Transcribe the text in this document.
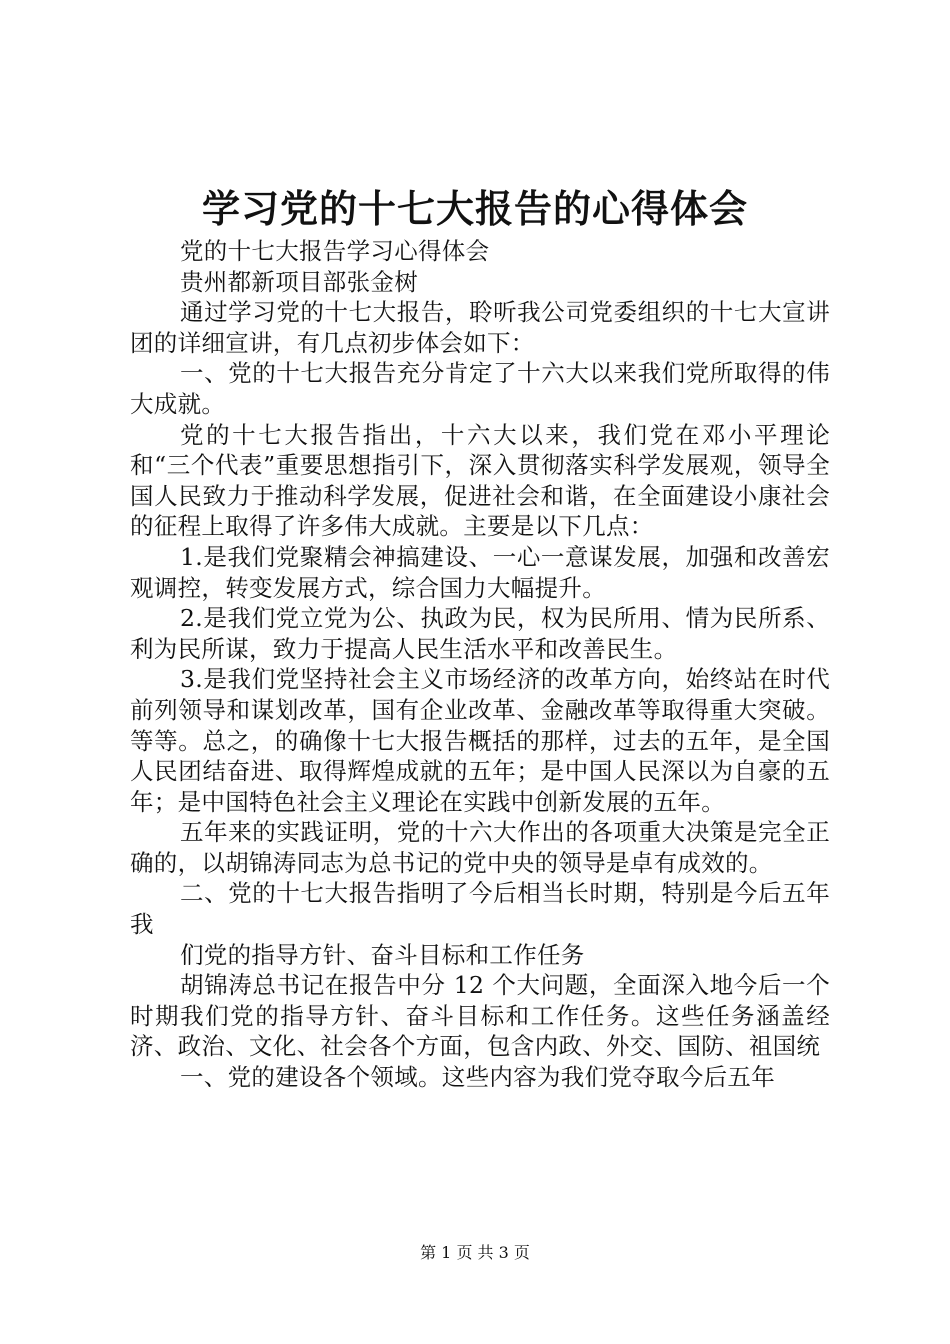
学习党的十七大报告的心得体会

党的十七大报告学习心得体会

贵州都新项目部张金树

通过学习党的十七大报告，聆听我公司党委组织的十七大宣讲团的详细宣讲，有几点初步体会如下：

一、党的十七大报告充分肯定了十六大以来我们党所取得的伟大成就。

党的十七大报告指出，十六大以来，我们党在邓小平理论和“三个代表”重要思想指引下，深入贯彻落实科学发展观，领导全国人民致力于推动科学发展，促进社会和谐，在全面建设小康社会的征程上取得了许多伟大成就。主要是以下几点：

1.是我们党聚精会神搞建设、一心一意谋发展，加强和改善宏观调控，转变发展方式，综合国力大幅提升。

2.是我们党立党为公、执政为民，权为民所用、情为民所系、利为民所谋，致力于提高人民生活水平和改善民生。

3.是我们党坚持社会主义市场经济的改革方向，始终站在时代前列领导和谋划改革，国有企业改革、金融改革等取得重大突破。等等。总之，的确像十七大报告概括的那样，过去的五年，是全国人民团结奋进、取得辉煌成就的五年；是中国人民深以为自豪的五年；是中国特色社会主义理论在实践中创新发展的五年。

五年来的实践证明，党的十六大作出的各项重大决策是完全正确的，以胡锦涛同志为总书记的党中央的领导是卓有成效的。

二、党的十七大报告指明了今后相当长时期，特别是今后五年我

们党的指导方针、奋斗目标和工作任务

胡锦涛总书记在报告中分 12 个大问题，全面深入地今后一个时期我们党的指导方针、奋斗目标和工作任务。这些任务涵盖经济、政治、文化、社会各个方面，包含内政、外交、国防、祖国统

一、党的建设各个领域。这些内容为我们党夺取今后五年

第 1 页 共 3 页
